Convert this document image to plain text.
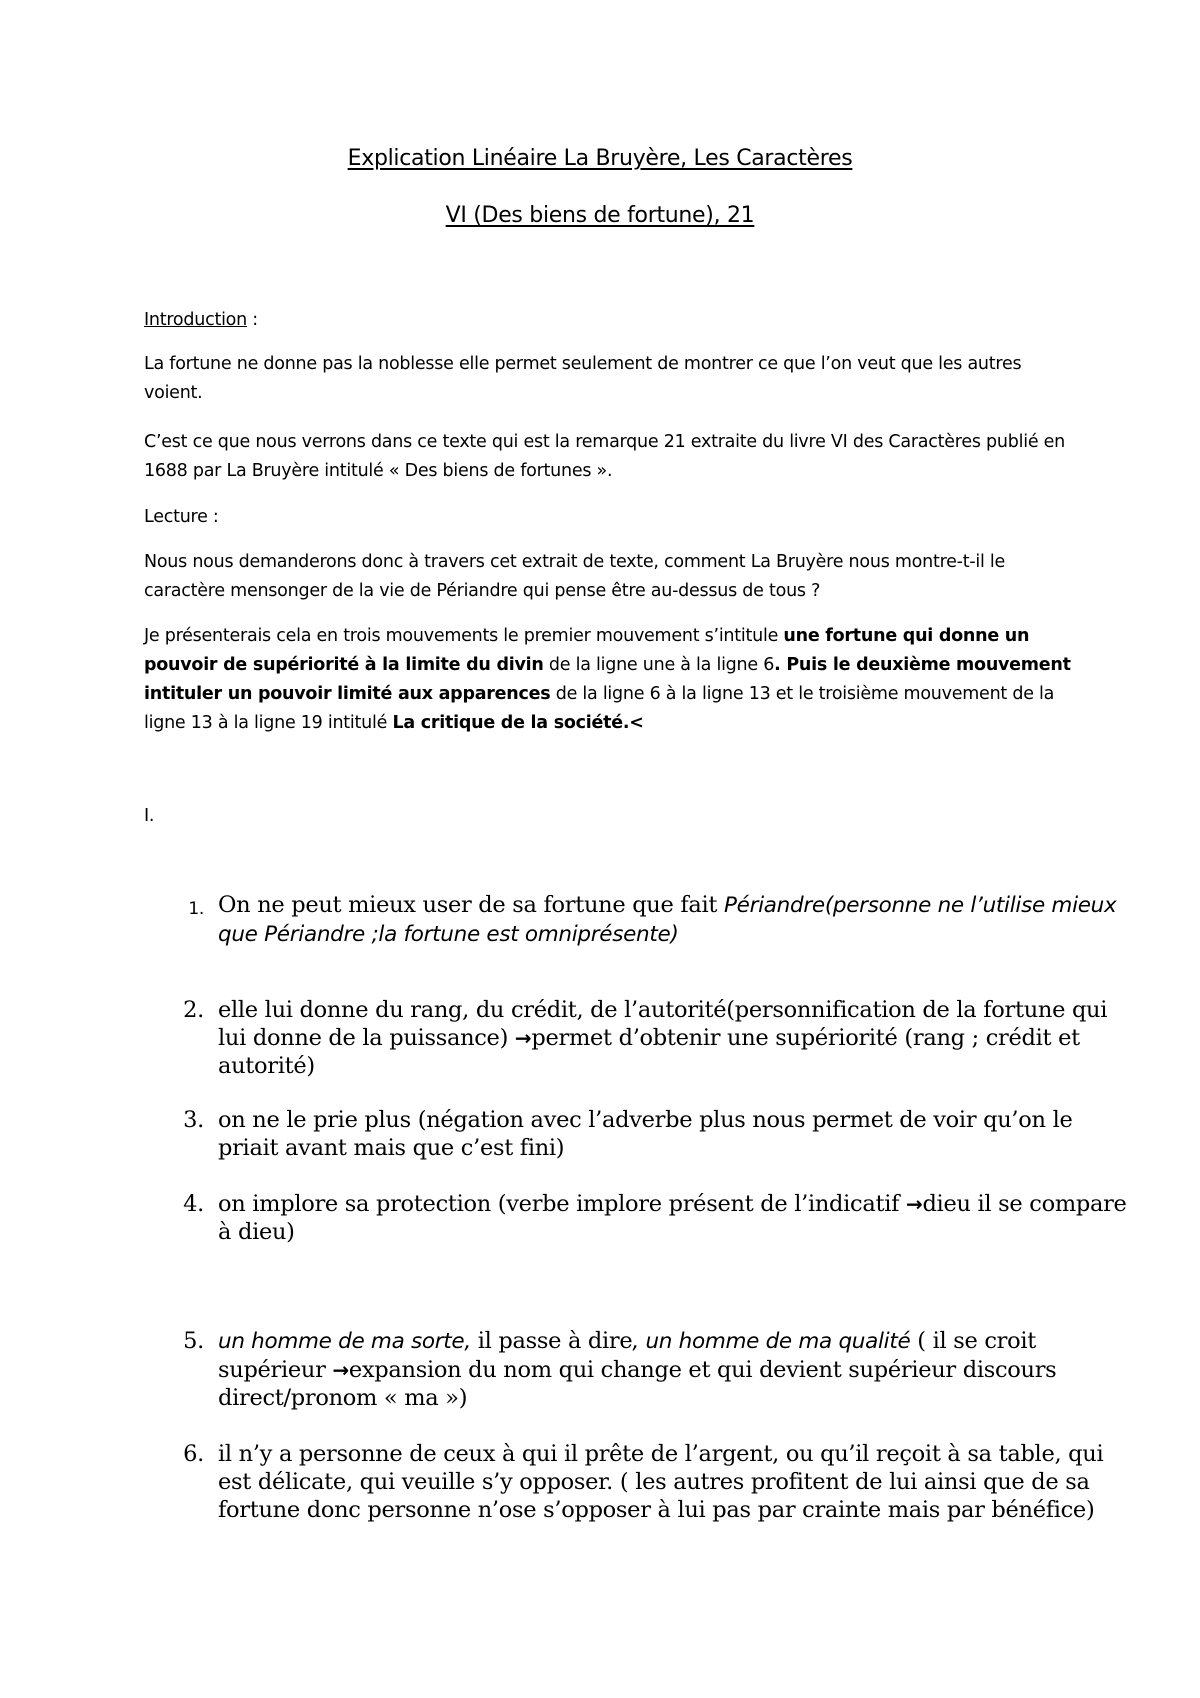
Explication Linéaire La Bruyère, Les Caractères
VI (Des biens de fortune), 21
Introduction :
La fortune ne donne pas la noblesse elle permet seulement de montrer ce que l’on veut que les autres voient.
C’est ce que nous verrons dans ce texte qui est la remarque 21 extraite du livre VI des Caractères publié en 1688 par La Bruyère intitulé « Des biens de fortunes ».
Lecture :
Nous nous demanderons donc à travers cet extrait de texte, comment La Bruyère nous montre-t-il le caractère mensonger de la vie de Périandre qui pense être au-dessus de tous ?
Je présenterais cela en trois mouvements le premier mouvement s’intitule une fortune qui donne un pouvoir de supériorité à la limite du divin de la ligne une à la ligne 6. Puis le deuxième mouvement intituler un pouvoir limité aux apparences de la ligne 6 à la ligne 13 et le troisième mouvement de la ligne 13 à la ligne 19 intitulé La critique de la société.<
I.
1. On ne peut mieux user de sa fortune que fait Périandre(personne ne l’utilise mieux que Périandre ;la fortune est omniprésente)
2. elle lui donne du rang, du crédit, de l’autorité(personnification de la fortune qui lui donne de la puissance) →permet d’obtenir une supériorité (rang ; crédit et autorité)
3. on ne le prie plus (négation avec l’adverbe plus nous permet de voir qu’on le priait avant mais que c’est fini)
4. on implore sa protection (verbe implore présent de l’indicatif →dieu il se compare à dieu)
5. un homme de ma sorte, il passe à dire, un homme de ma qualité ( il se croit supérieur →expansion du nom qui change et qui devient supérieur discours direct/pronom « ma »)
6. il n’y a personne de ceux à qui il prête de l’argent, ou qu’il reçoit à sa table, qui est délicate, qui veuille s’y opposer. ( les autres profitent de lui ainsi que de sa fortune donc personne n’ose s’opposer à lui pas par crainte mais par bénéfice)
